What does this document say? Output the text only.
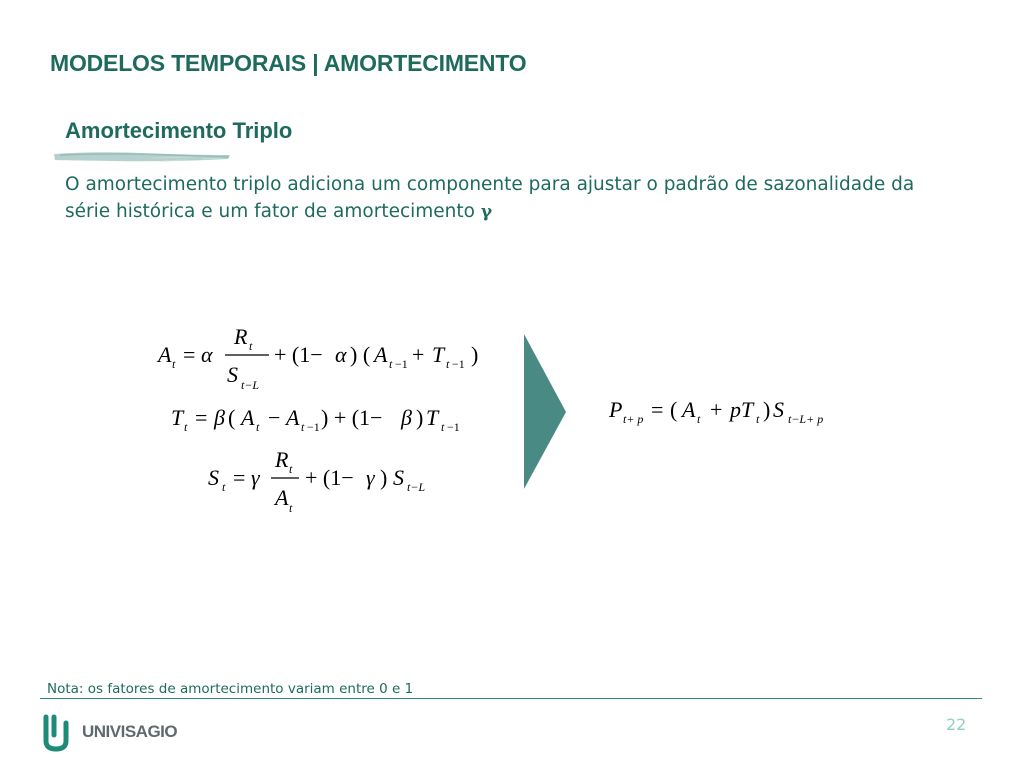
MODELOS TEMPORAIS | AMORTECIMENTO
Amortecimento Triplo
O amortecimento triplo adiciona um componente para ajustar o padrão de sazonalidade da
série histórica e um fator de amortecimento γ
A t = α
R t
S t−L
+ (1− α ) ( A t −1 + T t −1 )
T t = β ( A t − A t −1 ) + (1− β ) T t −1
S t = γ
R t
A t
+ (1− γ ) S t−L
P t+ p = ( A t + pT t ) S t−L+ p
Nota: os fatores de amortecimento variam entre 0 e 1
UNIVISAGIO	22
